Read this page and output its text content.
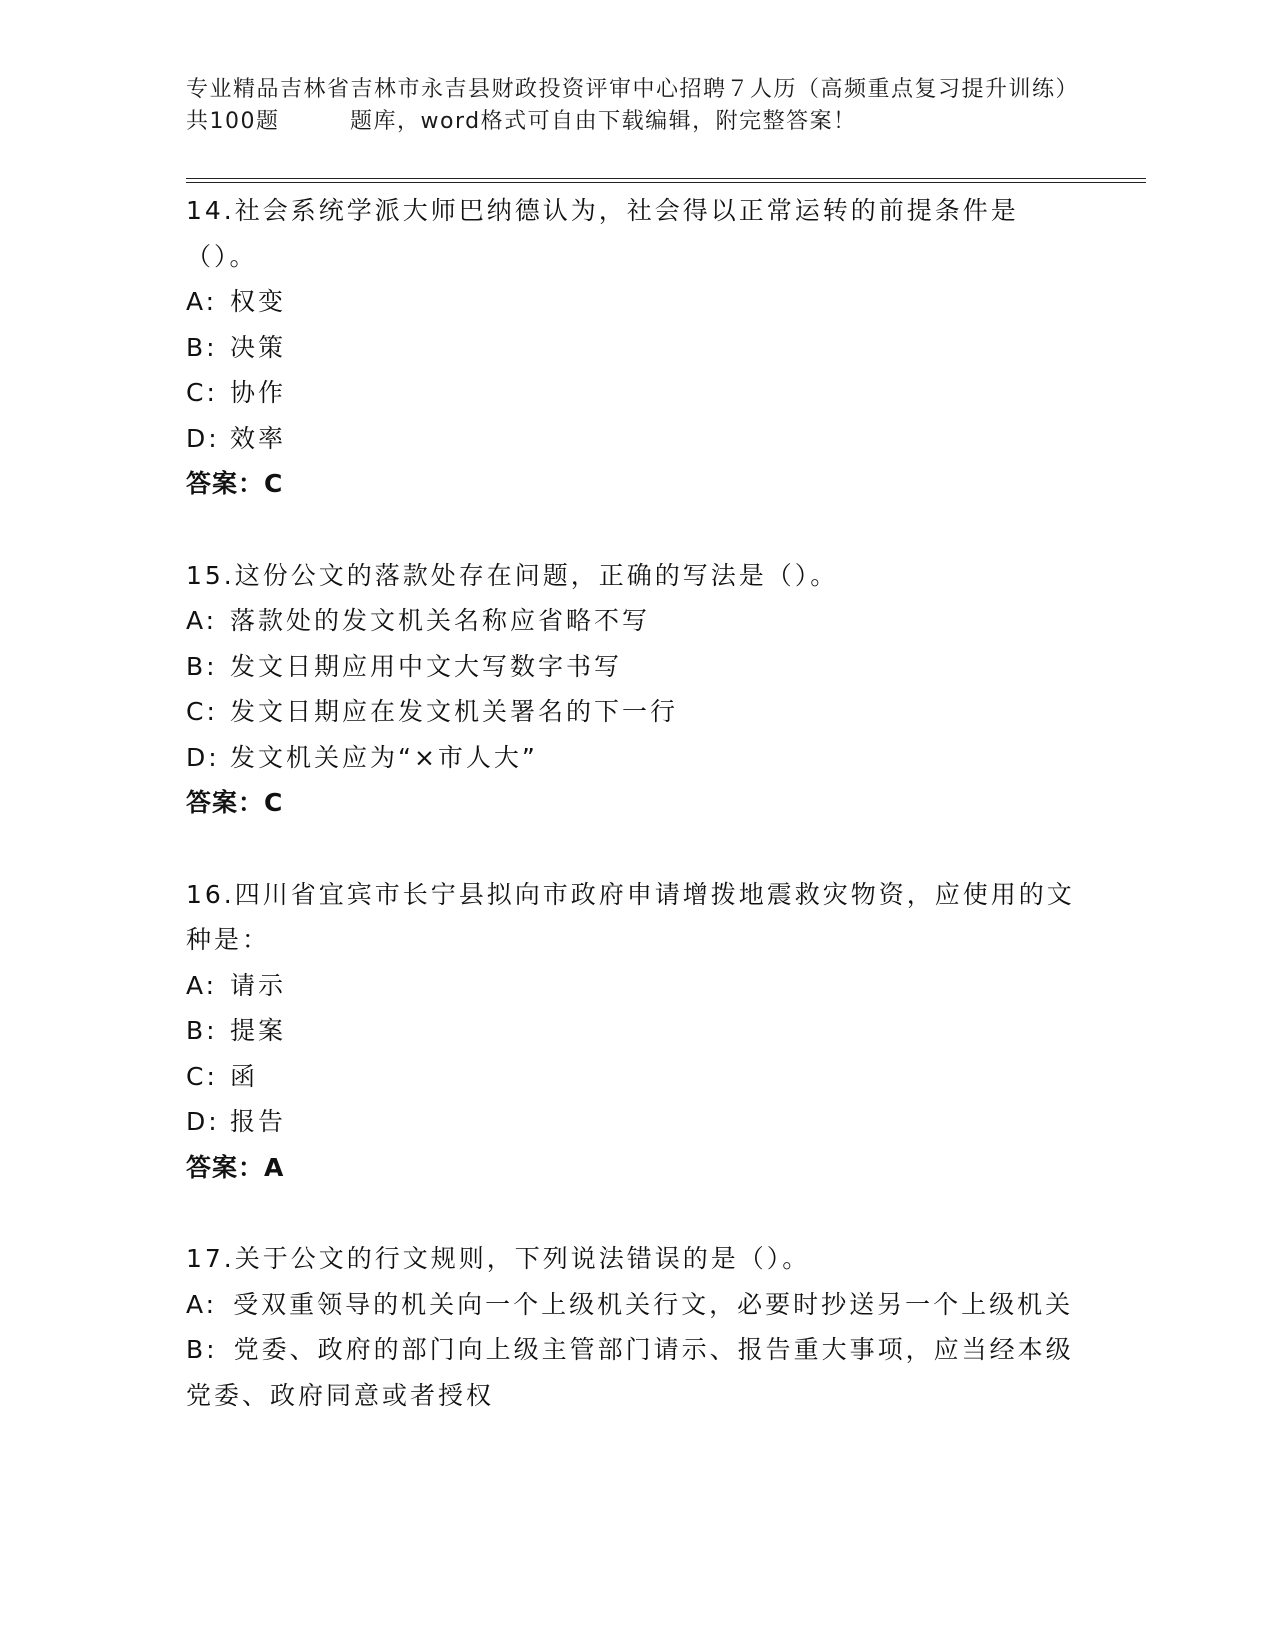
专业精品吉林省吉林市永吉县财政投资评审中心招聘７人历（高频重点复习提升训练）共100题　　　题库，word格式可自由下载编辑，附完整答案！

14.社会系统学派大师巴纳德认为，社会得以正常运转的前提条件是（）。

A: 权变

B: 决策

C: 协作

D: 效率

答案：C

15.这份公文的落款处存在问题，正确的写法是（）。

A: 落款处的发文机关名称应省略不写

B: 发文日期应用中文大写数字书写

C: 发文日期应在发文机关署名的下一行

D: 发文机关应为“×市人大”

答案：C

16.四川省宜宾市长宁县拟向市政府申请增拨地震救灾物资，应使用的文种是：

A: 请示

B: 提案

C: 函

D: 报告

答案：A

17.关于公文的行文规则，下列说法错误的是（）。

A: 受双重领导的机关向一个上级机关行文，必要时抄送另一个上级机关

B: 党委、政府的部门向上级主管部门请示、报告重大事项，应当经本级党委、政府同意或者授权
